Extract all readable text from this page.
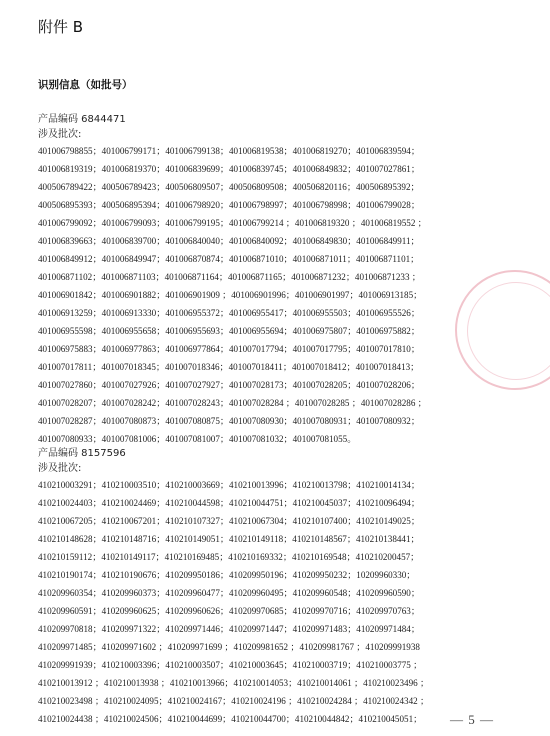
附件 B
识别信息（如批号）
产品编码 6844471
涉及批次:
401006798855；401006799171；401006799138；401006819538；401006819270；401006839594；
401006819319；401006819370；401006839699；401006839745；401006849832；401007027861；
400506789422；400506789423；400506809507；400506809508；400506820116；400506895392；
400506895393；400506895394；401006798920；401006798997；401006798998；401006799028；
401006799092；401006799093；401006799195；401006799214 ；401006819320 ；401006819552 ；
401006839663；401006839700；401006840040；401006840092；401006849830；401006849911；
401006849912；401006849947；401006870874；401006871010；401006871011；401006871101；
401006871102；401006871103；401006871164；401006871165；401006871232；401006871233 ；
401006901842；401006901882；401006901909 ；401006901996；401006901997；401006913185；
401006913259；401006913330；401006955372；401006955417；401006955503；401006955526；
401006955598；401006955658；401006955693；401006955694；401006975807；401006975882；
401006975883；401006977863；401006977864；401007017794；401007017795；401007017810；
401007017811；401007018345；401007018346；401007018411；401007018412；401007018413；
401007027860；401007027926；401007027927；401007028173；401007028205；401007028206；
401007028207；401007028242；401007028243；401007028284 ；401007028285 ；401007028286 ；
401007028287；401007080873；401007080875；401007080930；401007080931；401007080932；
401007080933；401007081006；401007081007；401007081032；401007081055。
产品编码 8157596
涉及批次:
410210003291；410210003510；410210003669；410210013996；410210013798；410210014134；
410210024403；410210024469；410210044598；410210044751；410210045037；410210096494；
410210067205；410210067201；410210107327；410210067304；410210107400；410210149025；
410210148628；410210148716；410210149051；410210149118；410210148567；410210138441；
410210159112；410210149117；410210169485；410210169332；410210169548；410210200457；
410210190174；410210190676；410209950186；410209950196；410209950232；10209960330；
410209960354；410209960373；410209960477；410209960495；410209960548；410209960590；
410209960591；410209960625；410209960626；410209970685；410209970716；410209970763；
410209970818；410209971322；410209971446；410209971447；410209971483；410209971484；
410209971485；410209971602 ；410209971699 ；410209981652 ；410209981767 ；410209991938
410209991939；410210003396；410210003507；410210003645；410210003719；410210003775 ；
410210013912 ；410210013938 ；410210013966；410210014053；410210014061 ；410210023496 ；
410210023498 ；410210024095；410210024167；410210024196 ；410210024284 ；410210024342 ；
410210024438 ；410210024506；410210044699；410210044700；410210044842；410210045051；	— 5 —
